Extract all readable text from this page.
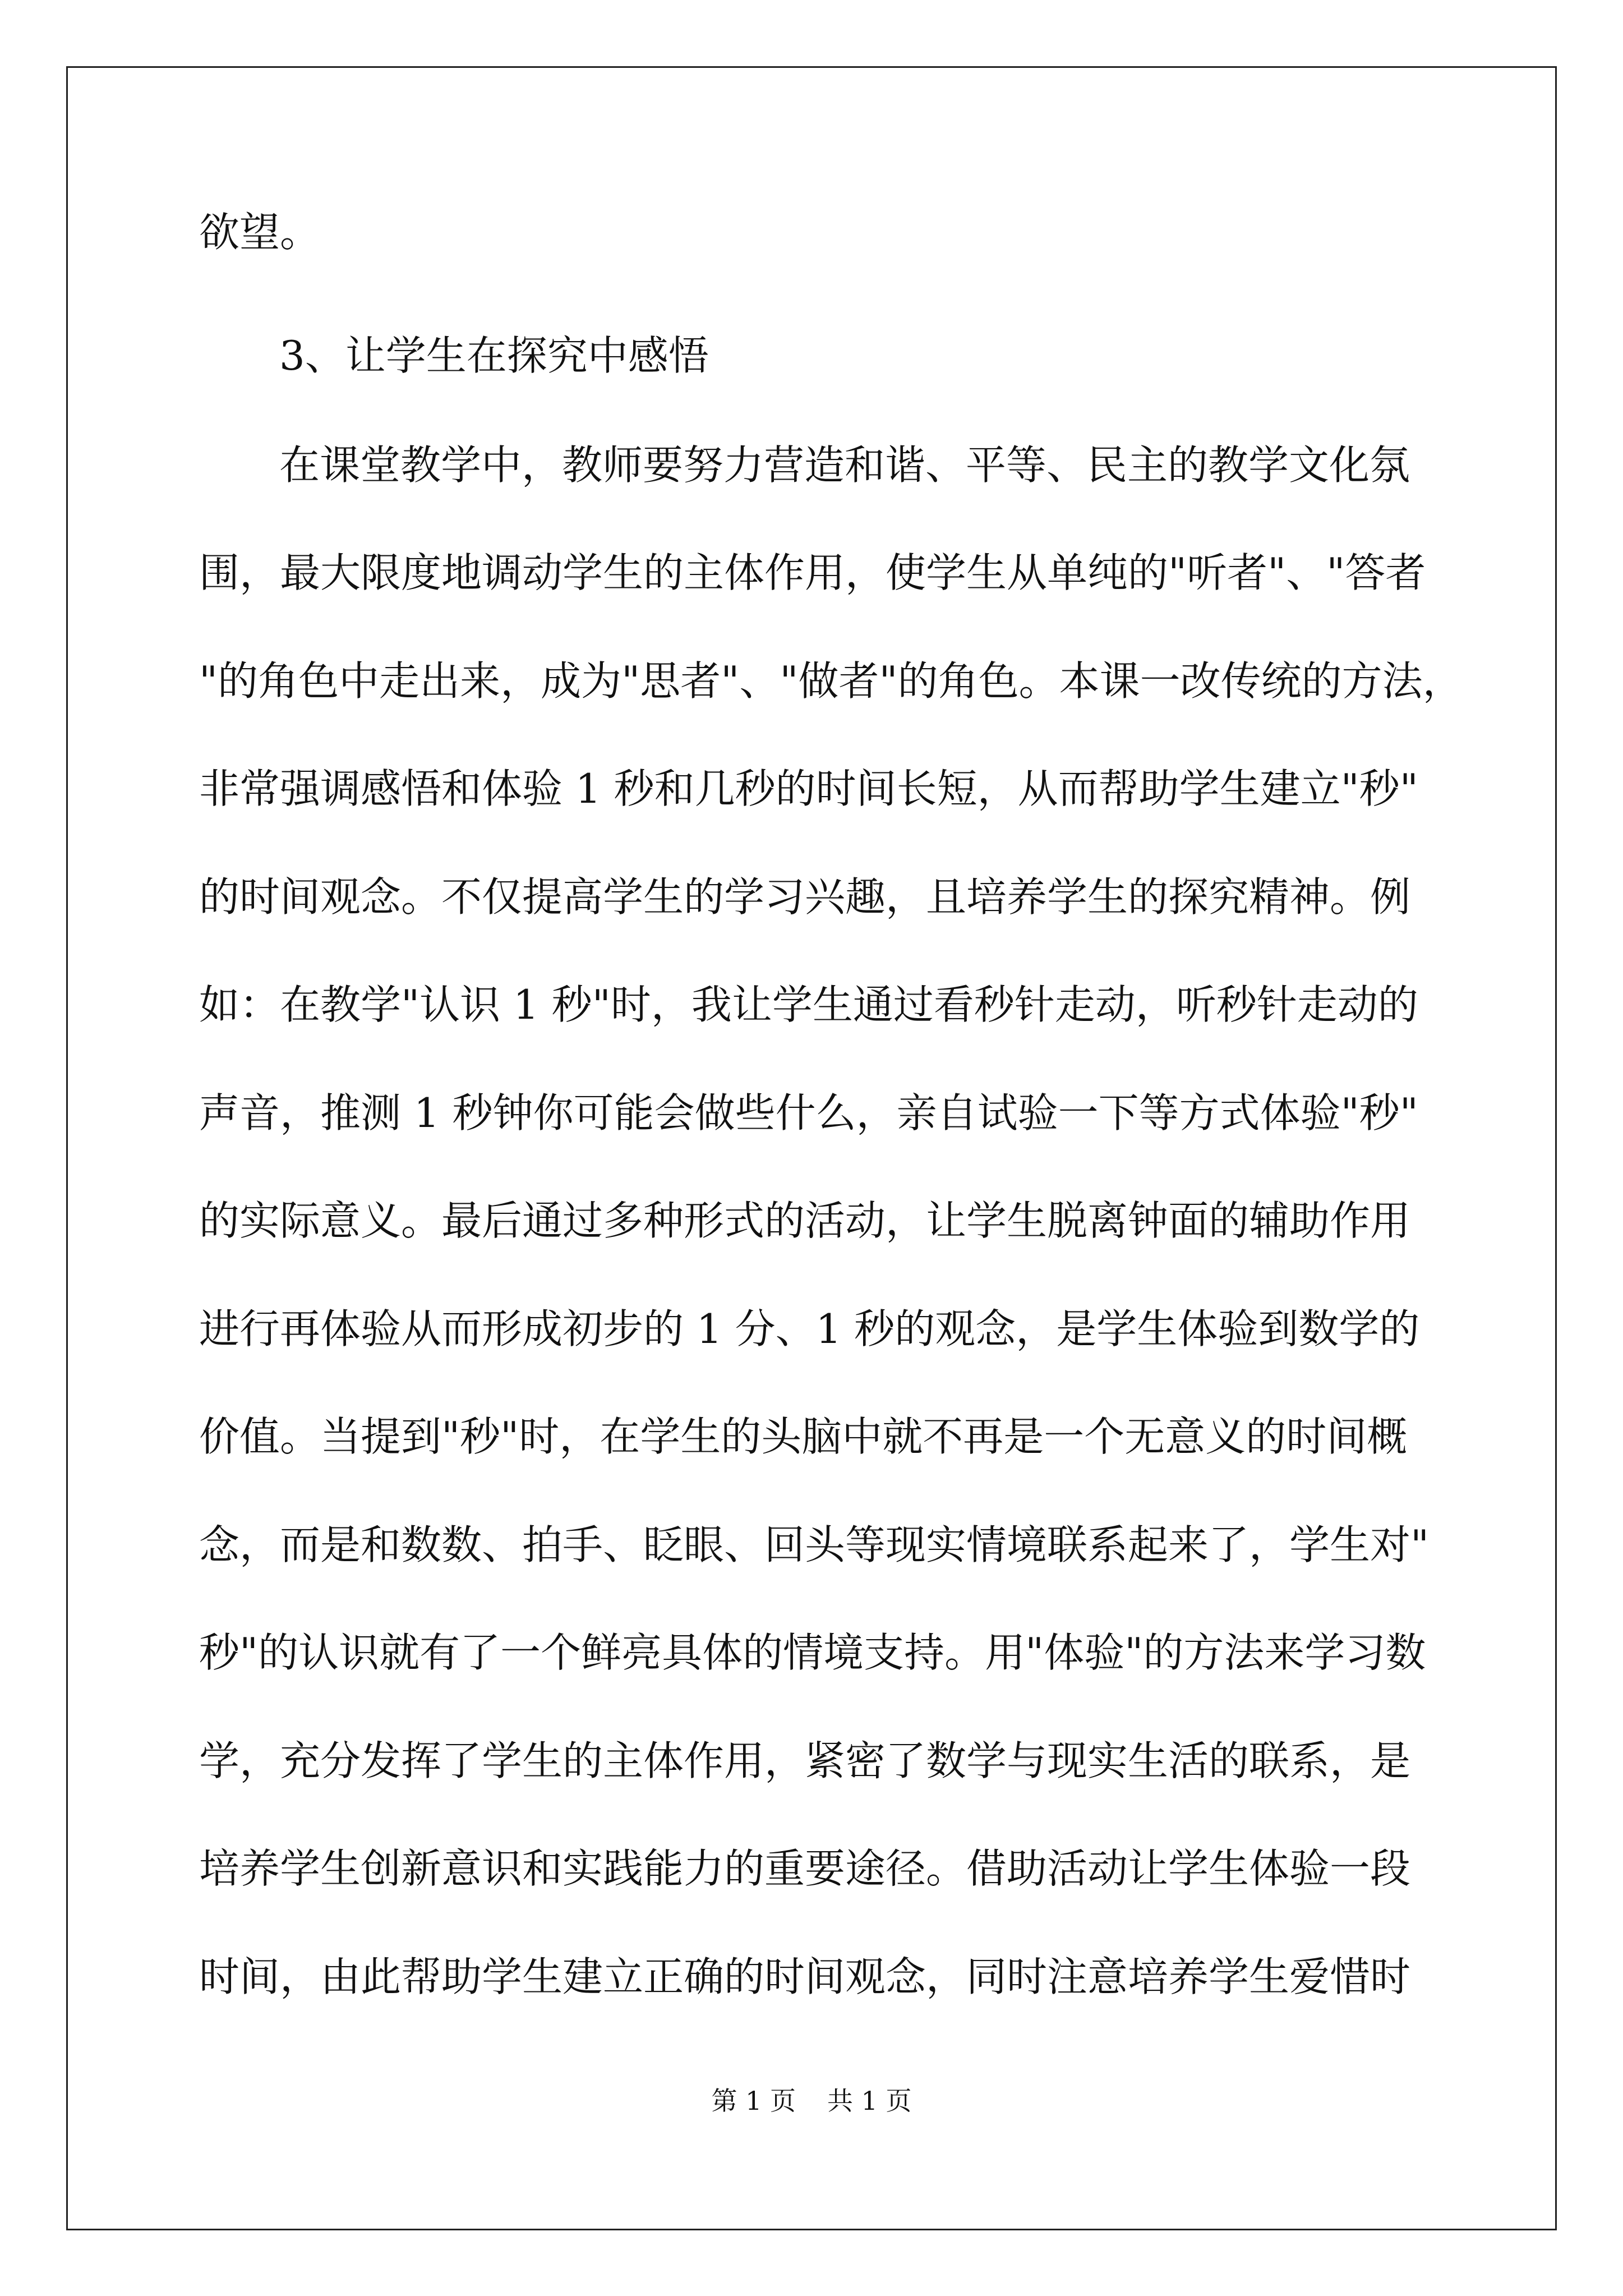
欲望。

3、让学生在探究中感悟

在课堂教学中，教师要努力营造和谐、平等、民主的教学文化氛

围，最大限度地调动学生的主体作用，使学生从单纯的"听者"、"答者

"的角色中走出来，成为"思者"、"做者"的角色。本课一改传统的方法，

非常强调感悟和体验 1 秒和几秒的时间长短，从而帮助学生建立"秒"

的时间观念。不仅提高学生的学习兴趣，且培养学生的探究精神。例

如：在教学"认识 1 秒"时，我让学生通过看秒针走动，听秒针走动的

声音，推测 1 秒钟你可能会做些什么，亲自试验一下等方式体验"秒"

的实际意义。最后通过多种形式的活动，让学生脱离钟面的辅助作用

进行再体验从而形成初步的 1 分、1 秒的观念，是学生体验到数学的

价值。当提到"秒"时，在学生的头脑中就不再是一个无意义的时间概

念，而是和数数、拍手、眨眼、回头等现实情境联系起来了，学生对"

秒"的认识就有了一个鲜亮具体的情境支持。用"体验"的方法来学习数

学，充分发挥了学生的主体作用，紧密了数学与现实生活的联系，是

培养学生创新意识和实践能力的重要途径。借助活动让学生体验一段

时间，由此帮助学生建立正确的时间观念，同时注意培养学生爱惜时

第 1 页 共 1 页
